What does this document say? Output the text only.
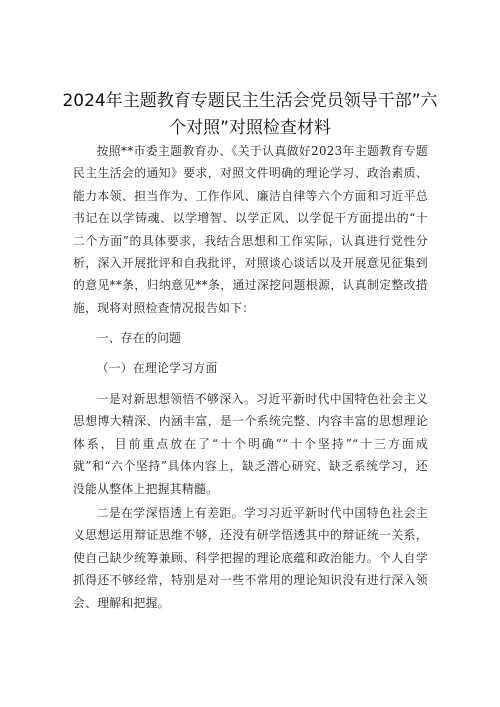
2024年主题教育专题民主生活会党员领导干部”六
个对照”对照检查材料

按照**市委主题教育办、《关于认真做好2023年主题教育专题民主生活会的通知》要求，对照文件明确的理论学习、政治素质、能力本领、担当作为、工作作风、廉洁自律等六个方面和习近平总书记在以学铸魂、以学增智、以学正风、以学促干方面提出的“十二个方面”的具体要求，我结合思想和工作实际，认真进行党性分析，深入开展批评和自我批评，对照谈心谈话以及开展意见征集到的意见**条，归纳意见**条，通过深挖问题根源，认真制定整改措施，现将对照检查情况报告如下：

一、存在的问题

（一）在理论学习方面

一是对新思想领悟不够深入。习近平新时代中国特色社会主义思想博大精深、内涵丰富，是一个系统完整、内容丰富的思想理论体系，目前重点放在了“十个明确”“十个坚持”“十三方面成就”和“六个坚持”具体内容上，缺乏潜心研究、缺乏系统学习，还没能从整体上把握其精髓。

二是在学深悟透上有差距。学习习近平新时代中国特色社会主义思想运用辩证思维不够，还没有研学悟透其中的辩证统一关系，使自己缺少统筹兼顾、科学把握的理论底蕴和政治能力。个人自学抓得还不够经常，特别是对一些不常用的理论知识没有进行深入领会、理解和把握。
